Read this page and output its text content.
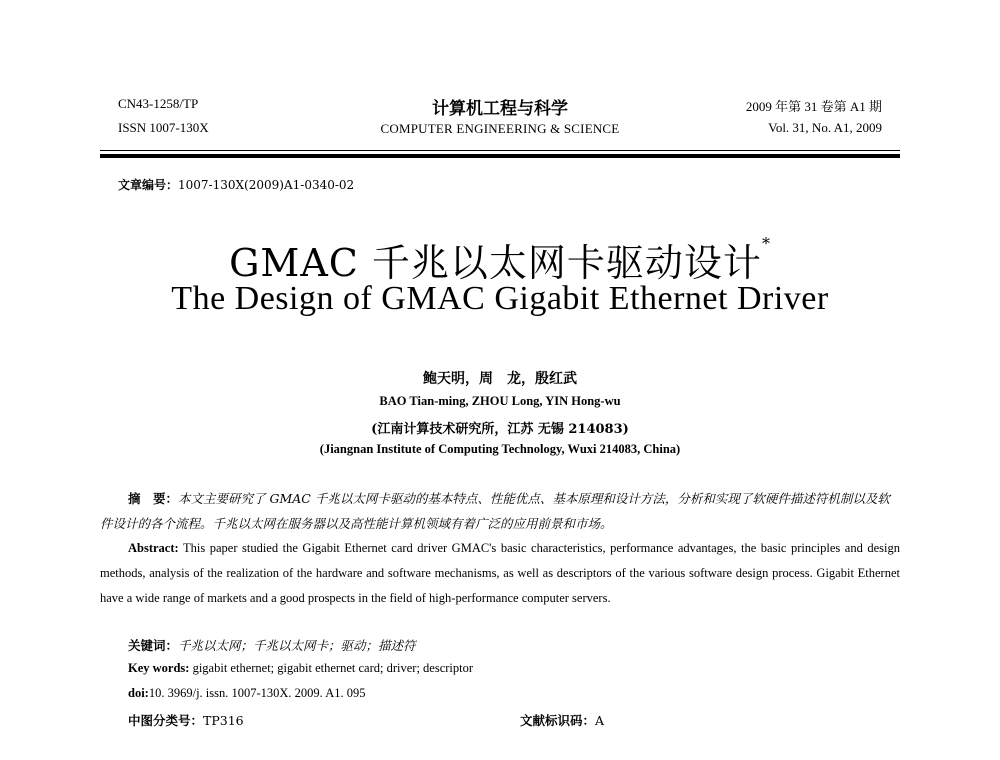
CN43-1258/TP
ISSN 1007-130X
计算机工程与科学
COMPUTER ENGINEERING & SCIENCE
2009 年第 31 卷第 A1 期
Vol. 31, No. A1, 2009
文章编号：1007-130X(2009)A1-0340-02
GMAC 千兆以太网卡驱动设计*
The Design of GMAC Gigabit Ethernet Driver
鲍天明，周　龙，殷红武
BAO Tian-ming, ZHOU Long, YIN Hong-wu
(江南计算技术研究所，江苏 无锡 214083)
(Jiangnan Institute of Computing Technology, Wuxi 214083, China)
摘　要：本文主要研究了 GMAC 千兆以太网卡驱动的基本特点、性能优点、基本原理和设计方法，分析和实现了软硬件描述符机制以及软件设计的各个流程。千兆以太网在服务器以及高性能计算机领域有着广泛的应用前景和市场。
Abstract: This paper studied the Gigabit Ethernet card driver GMAC's basic characteristics, performance advantages, the basic principles and design methods, analysis of the realization of the hardware and software mechanisms, as well as descriptors of the various software design process. Gigabit Ethernet have a wide range of markets and a good prospects in the field of high-performance computer servers.
关键词：千兆以太网；千兆以太网卡；驱动；描述符
Key words: gigabit ethernet; gigabit ethernet card; driver; descriptor
doi:10. 3969/j. issn. 1007-130X. 2009. A1. 095
中图分类号：TP316	文献标识码：A
